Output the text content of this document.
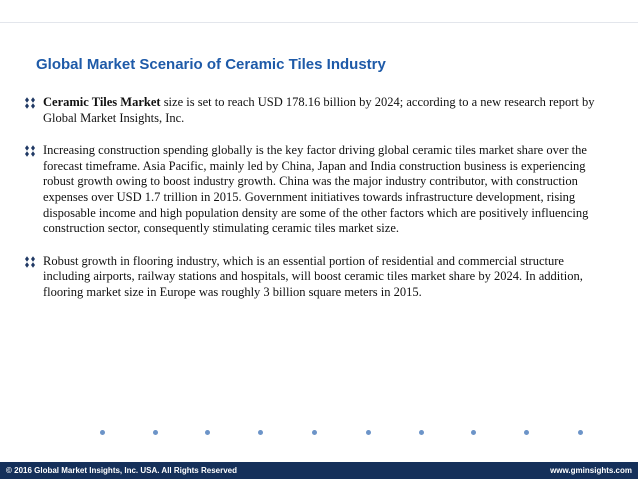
Global Market Scenario of Ceramic Tiles Industry

Ceramic Tiles Market size is set to reach USD 178.16 billion by 2024; according to a new research report by Global Market Insights, Inc.

Increasing construction spending globally is the key factor driving global ceramic tiles market share over the forecast timeframe. Asia Pacific, mainly led by China, Japan and India construction business is experiencing robust growth owing to boost industry growth. China was the major industry contributor, with construction expenses over USD 1.7 trillion in 2015. Government initiatives towards infrastructure development, rising disposable income and high population density are some of the other factors which are positively influencing construction sector, consequently stimulating ceramic tiles market size.

Robust growth in flooring industry, which is an essential portion of residential and commercial structure including airports, railway stations and hospitals, will boost ceramic tiles market share by 2024. In addition, flooring market size in Europe was roughly 3 billion square meters in 2015.

© 2016 Global Market Insights, Inc. USA. All Rights Reserved	www.gminsights.com
